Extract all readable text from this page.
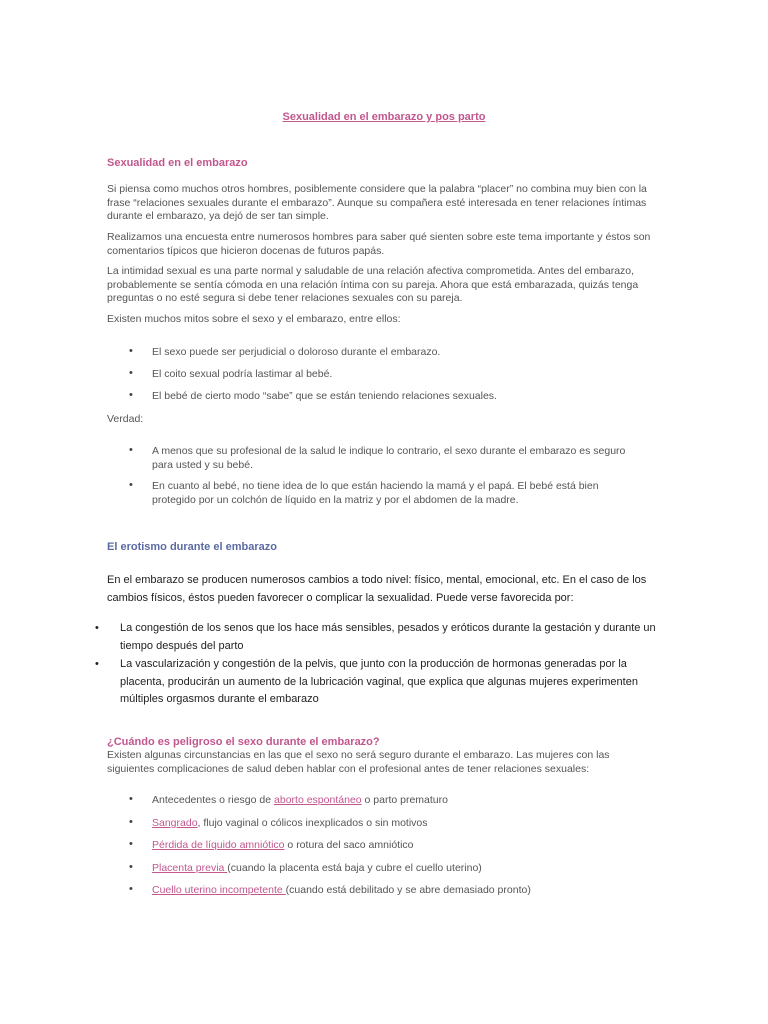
Sexualidad en el embarazo y pos parto
Sexualidad en el embarazo

Si piensa como muchos otros hombres, posiblemente considere que la palabra “placer” no combina muy bien con la frase “relaciones sexuales durante el embarazo”. Aunque su compañera esté interesada en tener relaciones íntimas durante el embarazo, ya dejó de ser tan simple.

Realizamos una encuesta entre numerosos hombres para saber qué sienten sobre este tema importante y éstos son comentarios típicos que hicieron docenas de futuros papás.

La intimidad sexual es una parte normal y saludable de una relación afectiva comprometida. Antes del embarazo, probablemente se sentía cómoda en una relación íntima con su pareja. Ahora que está embarazada, quizás tenga preguntas o no esté segura si debe tener relaciones sexuales con su pareja.

Existen muchos mitos sobre el sexo y el embarazo, entre ellos:

• El sexo puede ser perjudicial o doloroso durante el embarazo.
• El coito sexual podría lastimar al bebé.
• El bebé de cierto modo “sabe” que se están teniendo relaciones sexuales.

Verdad:

• A menos que su profesional de la salud le indique lo contrario, el sexo durante el embarazo es seguro para usted y su bebé.
• En cuanto al bebé, no tiene idea de lo que están haciendo la mamá y el papá. El bebé está bien protegido por un colchón de líquido en la matriz y por el abdomen de la madre.
El erotismo durante el embarazo

En el embarazo se producen numerosos cambios a todo nivel: físico, mental, emocional, etc. En el caso de los cambios físicos, éstos pueden favorecer o complicar la sexualidad. Puede verse favorecida por:

• La congestión de los senos que los hace más sensibles, pesados y eróticos durante la gestación y durante un tiempo después del parto
• La vascularización y congestión de la pelvis, que junto con la producción de hormonas generadas por la placenta, producirán un aumento de la lubricación vaginal, que explica que algunas mujeres experimenten múltiples orgasmos durante el embarazo
¿Cuándo es peligroso el sexo durante el embarazo?

Existen algunas circunstancias en las que el sexo no será seguro durante el embarazo. Las mujeres con las siguientes complicaciones de salud deben hablar con el profesional antes de tener relaciones sexuales:

• Antecedentes o riesgo de aborto espontáneo o parto prematuro
• Sangrado, flujo vaginal o cólicos inexplicados o sin motivos
• Pérdida de líquido amniótico o rotura del saco amniótico
• Placenta previa (cuando la placenta está baja y cubre el cuello uterino)
• Cuello uterino incompetente (cuando está debilitado y se abre demasiado pronto)
